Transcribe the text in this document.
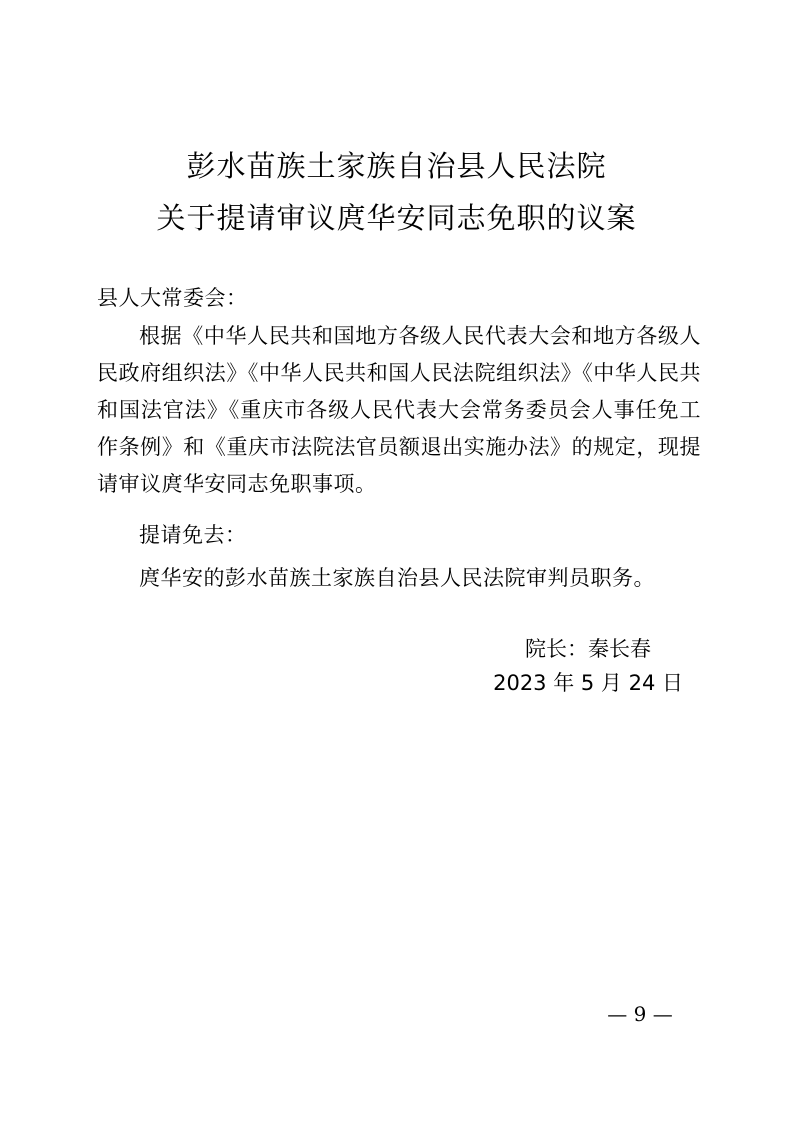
彭水苗族土家族自治县人民法院
关于提请审议庹华安同志免职的议案
县人大常委会：
根据《中华人民共和国地方各级人民代表大会和地方各级人民政府组织法》《中华人民共和国人民法院组织法》《中华人民共和国法官法》《重庆市各级人民代表大会常务委员会人事任免工作条例》和《重庆市法院法官员额退出实施办法》的规定，现提请审议庹华安同志免职事项。
提请免去：
庹华安的彭水苗族土家族自治县人民法院审判员职务。
院长：秦长春
2023 年 5 月 24 日
— 9 —
